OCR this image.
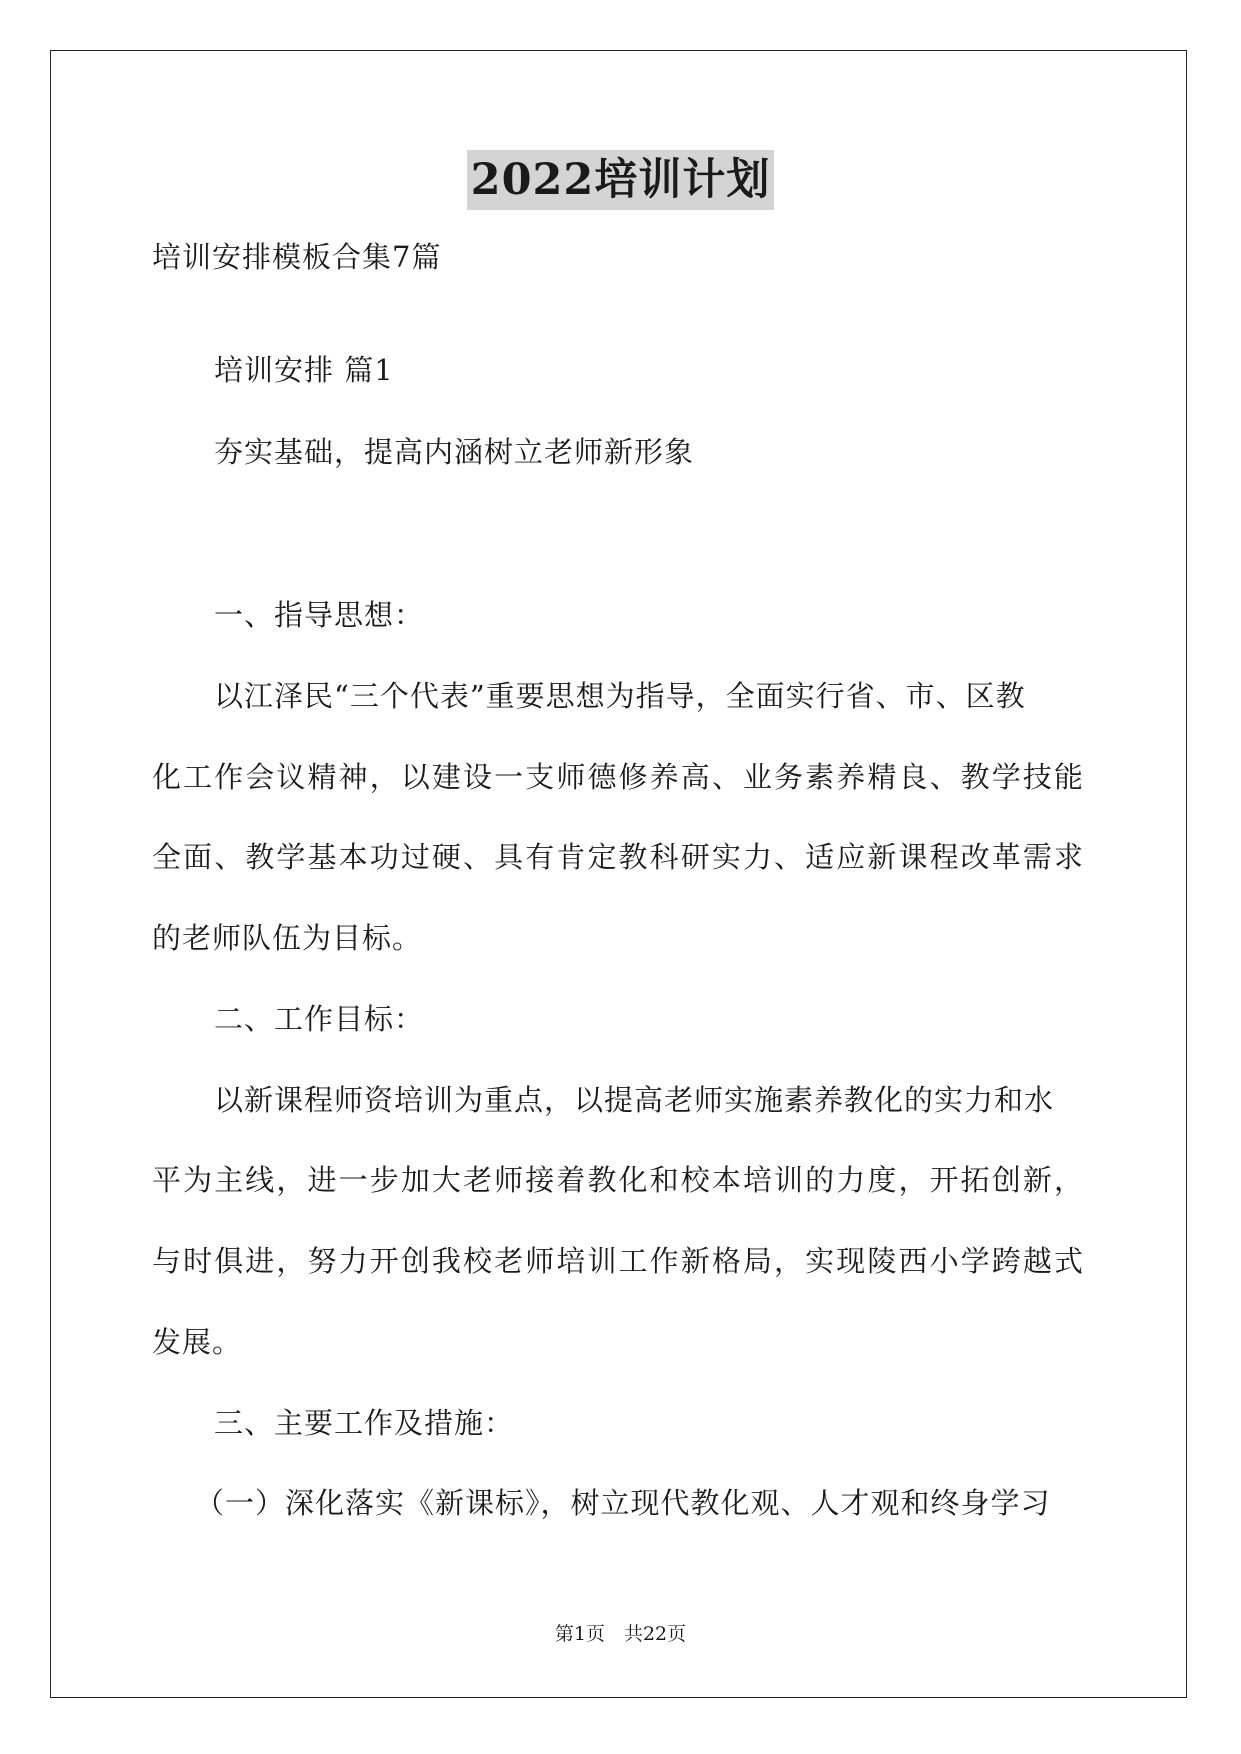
2022培训计划
培训安排模板合集7篇
培训安排 篇1
夯实基础，提高内涵树立老师新形象
一、指导思想：
以江泽民“三个代表”重要思想为指导，全面实行省、市、区教
化工作会议精神，以建设一支师德修养高、业务素养精良、教学技能
全面、教学基本功过硬、具有肯定教科研实力、适应新课程改革需求
的老师队伍为目标。
二、工作目标：
以新课程师资培训为重点，以提高老师实施素养教化的实力和水
平为主线，进一步加大老师接着教化和校本培训的力度，开拓创新，
与时俱进，努力开创我校老师培训工作新格局，实现陵西小学跨越式
发展。
三、主要工作及措施：
（一）深化落实《新课标》，树立现代教化观、人才观和终身学习
第1页　共22页
